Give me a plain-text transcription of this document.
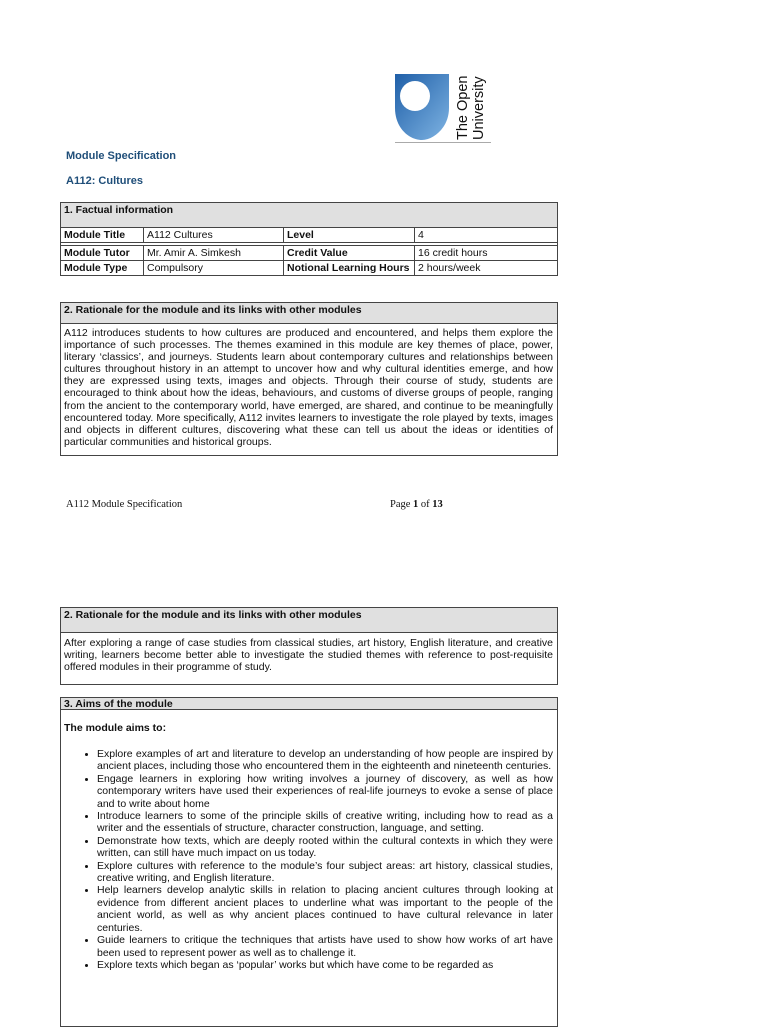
The Open University
Module Specification
A112: Cultures
1. Factual information			
Module Title	A112 Cultures	Level	4

Module Tutor	Mr. Amir A. Simkesh	Credit Value	16 credit hours
Module Type	Compulsory	Notional Learning Hours	2 hours/week
2. Rationale for the module and its links with other modules
A112 introduces students to how cultures are produced and encountered, and helps them explore the importance of such processes. The themes examined in this module are key themes of place, power, literary ‘classics’, and journeys. Students learn about contemporary cultures and relationships between cultures throughout history in an attempt to uncover how and why cultural identities emerge, and how they are expressed using texts, images and objects. Through their course of study, students are encouraged to think about how the ideas, behaviours, and customs of diverse groups of people, ranging from the ancient to the contemporary world, have emerged, are shared, and continue to be meaningfully encountered today. More specifically, A112 invites learners to investigate the role played by texts, images and objects in different cultures, discovering what these can tell us about the ideas or identities of particular communities and historical groups.
A112 Module Specification	Page 1 of 13
2. Rationale for the module and its links with other modules
After exploring a range of case studies from classical studies, art history, English literature, and creative writing, learners become better able to investigate the studied themes with reference to post-requisite offered modules in their programme of study.
3. Aims of the module
The module aims to:
• Explore examples of art and literature to develop an understanding of how people are inspired by ancient places, including those who encountered them in the eighteenth and nineteenth centuries.
• Engage learners in exploring how writing involves a journey of discovery, as well as how contemporary writers have used their experiences of real-life journeys to evoke a sense of place and to write about home
• Introduce learners to some of the principle skills of creative writing, including how to read as a writer and the essentials of structure, character construction, language, and setting.
• Demonstrate how texts, which are deeply rooted within the cultural contexts in which they were written, can still have much impact on us today.
• Explore cultures with reference to the module’s four subject areas: art history, classical studies, creative writing, and English literature.
• Help learners develop analytic skills in relation to placing ancient cultures through looking at evidence from different ancient places to underline what was important to the people of the ancient world, as well as why ancient places continued to have cultural relevance in later centuries.
• Guide learners to critique the techniques that artists have used to show how works of art have been used to represent power as well as to challenge it.
• Explore texts which began as ‘popular’ works but which have come to be regarded as
